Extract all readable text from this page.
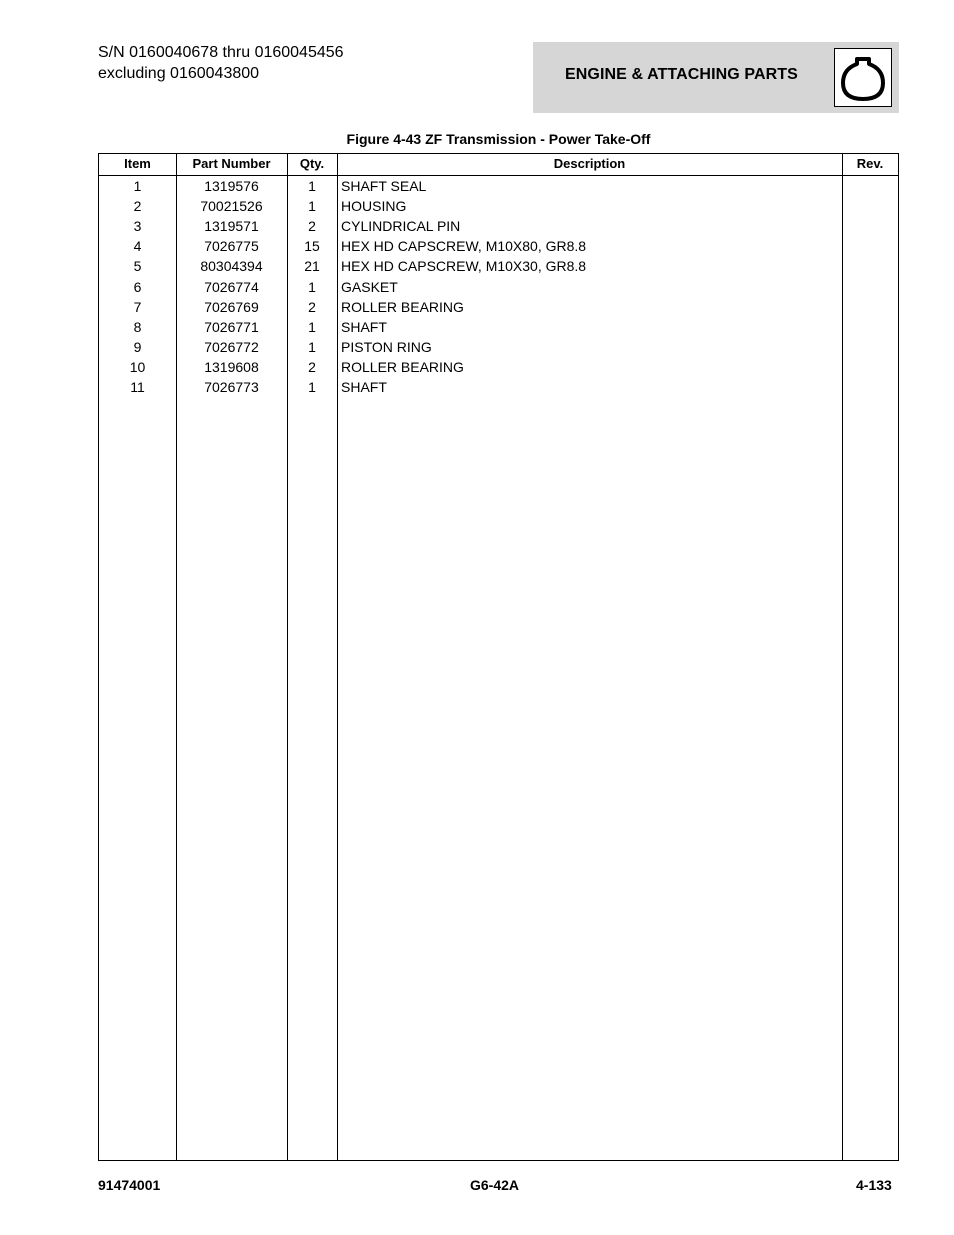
S/N 0160040678 thru 0160045456
excluding 0160043800	ENGINE & ATTACHING PARTS
Figure 4-43 ZF Transmission - Power Take-Off
Item	Part Number	Qty.	Description	Rev.
1	1319576	1	SHAFT SEAL
2	70021526	1	HOUSING
3	1319571	2	CYLINDRICAL PIN
4	7026775	15	HEX HD CAPSCREW, M10X80, GR8.8
5	80304394	21	HEX HD CAPSCREW, M10X30, GR8.8
6	7026774	1	GASKET
7	7026769	2	ROLLER BEARING
8	7026771	1	SHAFT
9	7026772	1	PISTON RING
10	1319608	2	ROLLER BEARING
11	7026773	1	SHAFT
91474001	G6-42A	4-133
